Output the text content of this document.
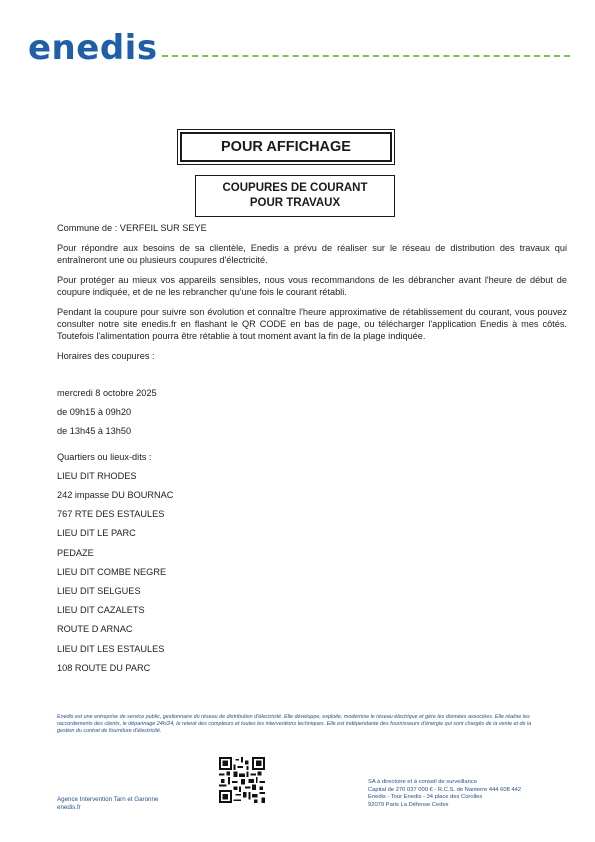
enedis
POUR AFFICHAGE
COUPURES DE COURANT
POUR TRAVAUX

Commune de : VERFEIL SUR SEYE

Pour répondre aux besoins de sa clientèle, Enedis a prévu de réaliser sur le réseau de distribution des travaux qui entraîneront une ou plusieurs coupures d'électricité.

Pour protéger au mieux vos appareils sensibles, nous vous recommandons de les débrancher avant l'heure de début de coupure indiquée, et de ne les rebrancher qu'une fois le courant rétabli.

Pendant la coupure pour suivre son évolution et connaître l'heure approximative de rétablissement du courant, vous pouvez consulter notre site enedis.fr en flashant le QR CODE en bas de page, ou télécharger l'application Enedis à mes côtés. Toutefois l'alimentation pourra être rétablie à tout moment avant la fin de la plage indiquée.

Horaires des coupures :

mercredi 8 octobre 2025

de 09h15 à 09h20

de 13h45 à 13h50

Quartiers ou lieux-dits :

LIEU DIT RHODES

242 impasse DU BOURNAC

767 RTE DES ESTAULES

LIEU DIT LE PARC

PEDAZE

LIEU DIT COMBE NEGRE

LIEU DIT SELGUES

LIEU DIT CAZALETS

ROUTE D ARNAC

LIEU DIT LES ESTAULES

108 ROUTE DU PARC

Enedis est une entreprise de service public, gestionnaire du réseau de distribution d'électricité. Elle développe, exploite, modernise le réseau électrique et gère les données associées. Elle réalise les raccordements des clients, le dépannage 24h/24, le relevé des compteurs et toutes les interventions techniques. Elle est indépendante des fournisseurs d'énergie qui sont chargés de la vente et de la gestion du contrat de fourniture d'électricité.
Agence Intervention Tarn et Garonne
enedis.fr
SA à directoire et à conseil de surveillance
Capital de 270 037 000 € - R.C.S. de Nanterre 444 608 442
Enedis - Tour Enedis - 34 place des Corolles
92079 Paris La Défense Cedex
